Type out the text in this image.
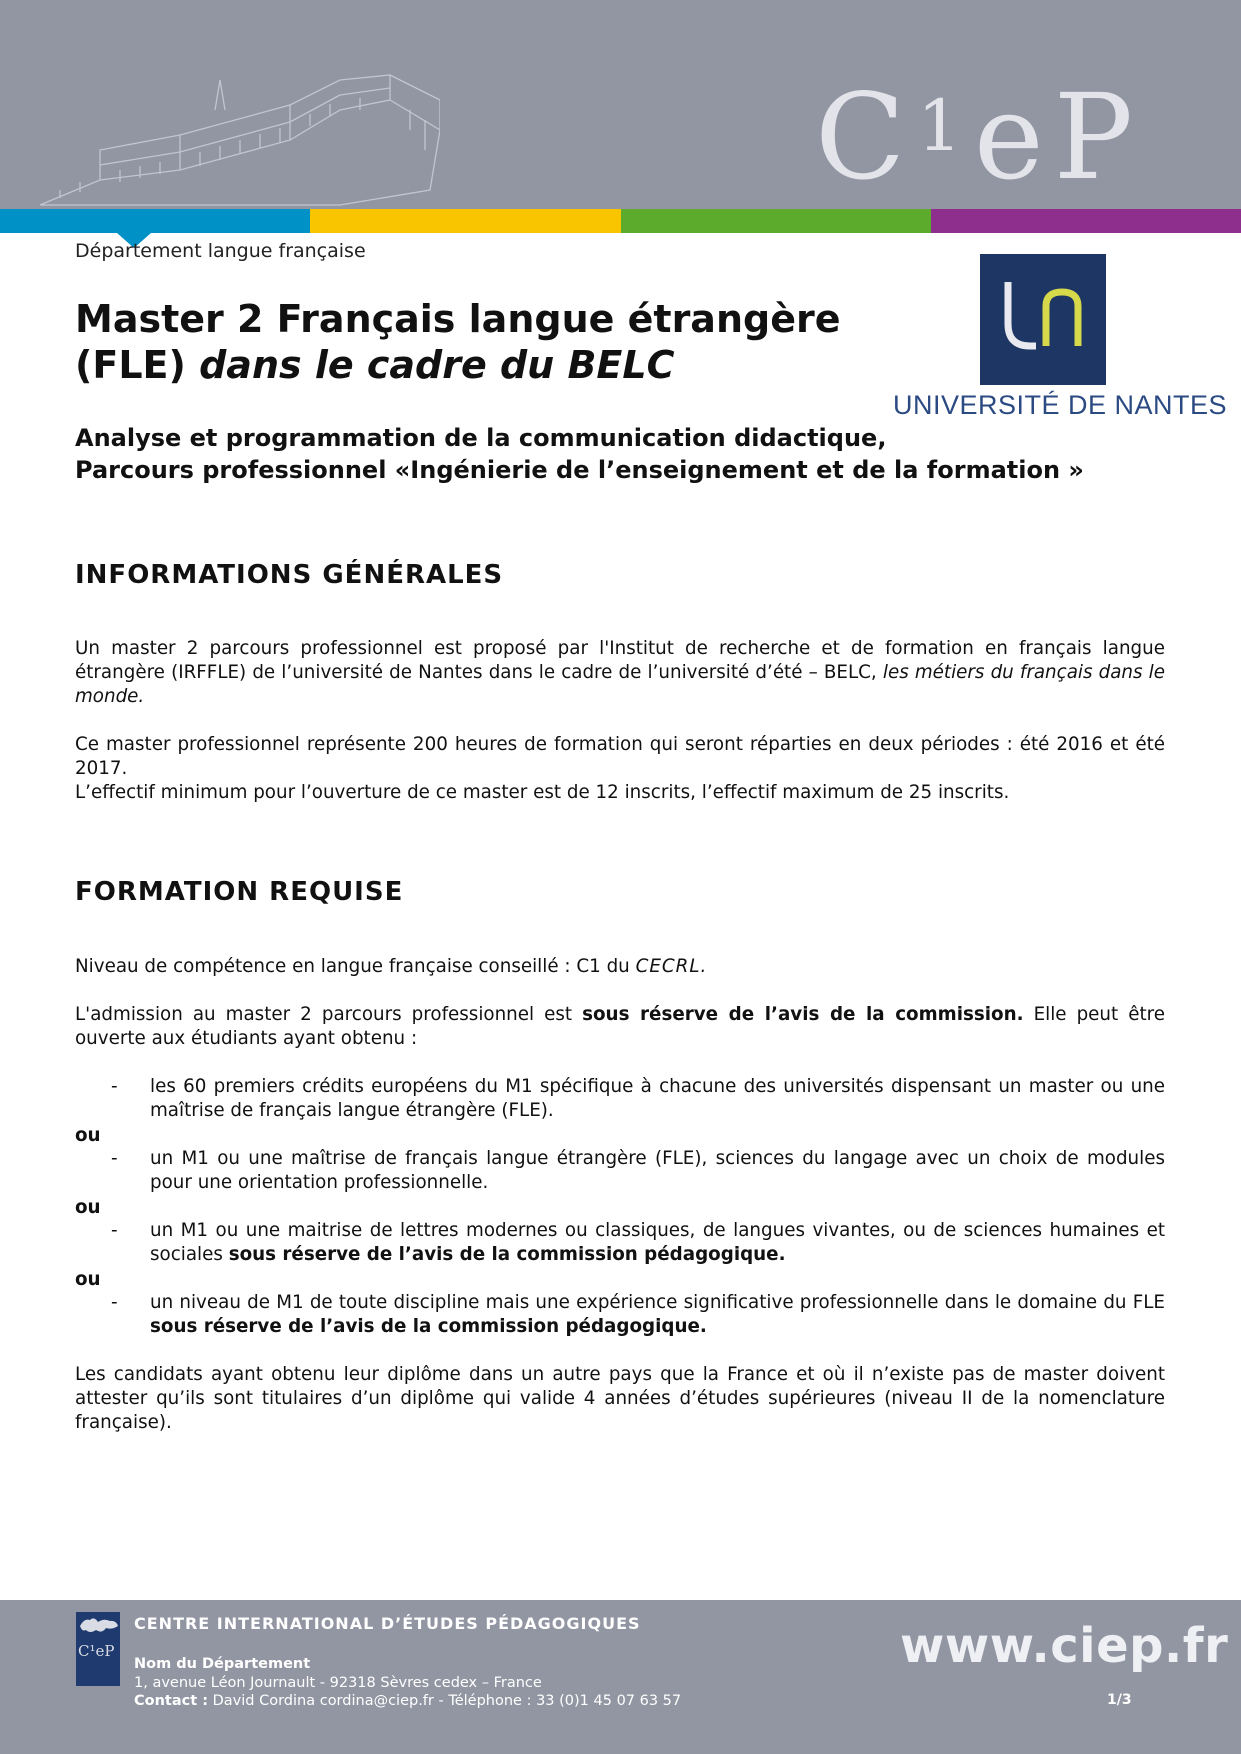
$C^1eP$
Département langue française
UNIVERSITÉ DE NANTES
Master 2 Français langue étrangère
(FLE) dans le cadre du BELC
Analyse et programmation de la communication didactique,
Parcours professionnel «Ingénierie de l’enseignement et de la formation »
INFORMATIONS GÉNÉRALES
Un master 2 parcours professionnel est proposé par l'Institut de recherche et de formation en français langue étrangère (IRFFLE) de l’université de Nantes dans le cadre de l’université d’été – BELC, les métiers du français dans le monde.
Ce master professionnel représente 200 heures de formation qui seront réparties en deux périodes : été 2016 et été 2017.
L’effectif minimum pour l’ouverture de ce master est de 12 inscrits, l’effectif maximum de 25 inscrits.
FORMATION REQUISE
Niveau de compétence en langue française conseillé : C1 du CECRL.
L'admission au master 2 parcours professionnel est sous réserve de l’avis de la commission. Elle peut être ouverte aux étudiants ayant obtenu :
- les 60 premiers crédits européens du M1 spécifique à chacune des universités dispensant un master ou une maîtrise de français langue étrangère (FLE).
ou
- un M1 ou une maîtrise de français langue étrangère (FLE), sciences du langage avec un choix de modules pour une orientation professionnelle.
ou
- un M1 ou une maitrise de lettres modernes ou classiques, de langues vivantes, ou de sciences humaines et sociales sous réserve de l’avis de la commission pédagogique.
ou
- un niveau de M1 de toute discipline mais une expérience significative professionnelle dans le domaine du FLE sous réserve de l’avis de la commission pédagogique.
Les candidats ayant obtenu leur diplôme dans un autre pays que la France et où il n’existe pas de master doivent attester qu’ils sont titulaires d’un diplôme qui valide 4 années d’études supérieures (niveau II de la nomenclature française).
C¹eP
CENTRE INTERNATIONAL D’ÉTUDES PÉDAGOGIQUES
Nom du Département
1, avenue Léon Journault - 92318 Sèvres cedex – France
Contact : David Cordina cordina@ciep.fr - Téléphone : 33 (0)1 45 07 63 57
www.ciep.fr
1/3
